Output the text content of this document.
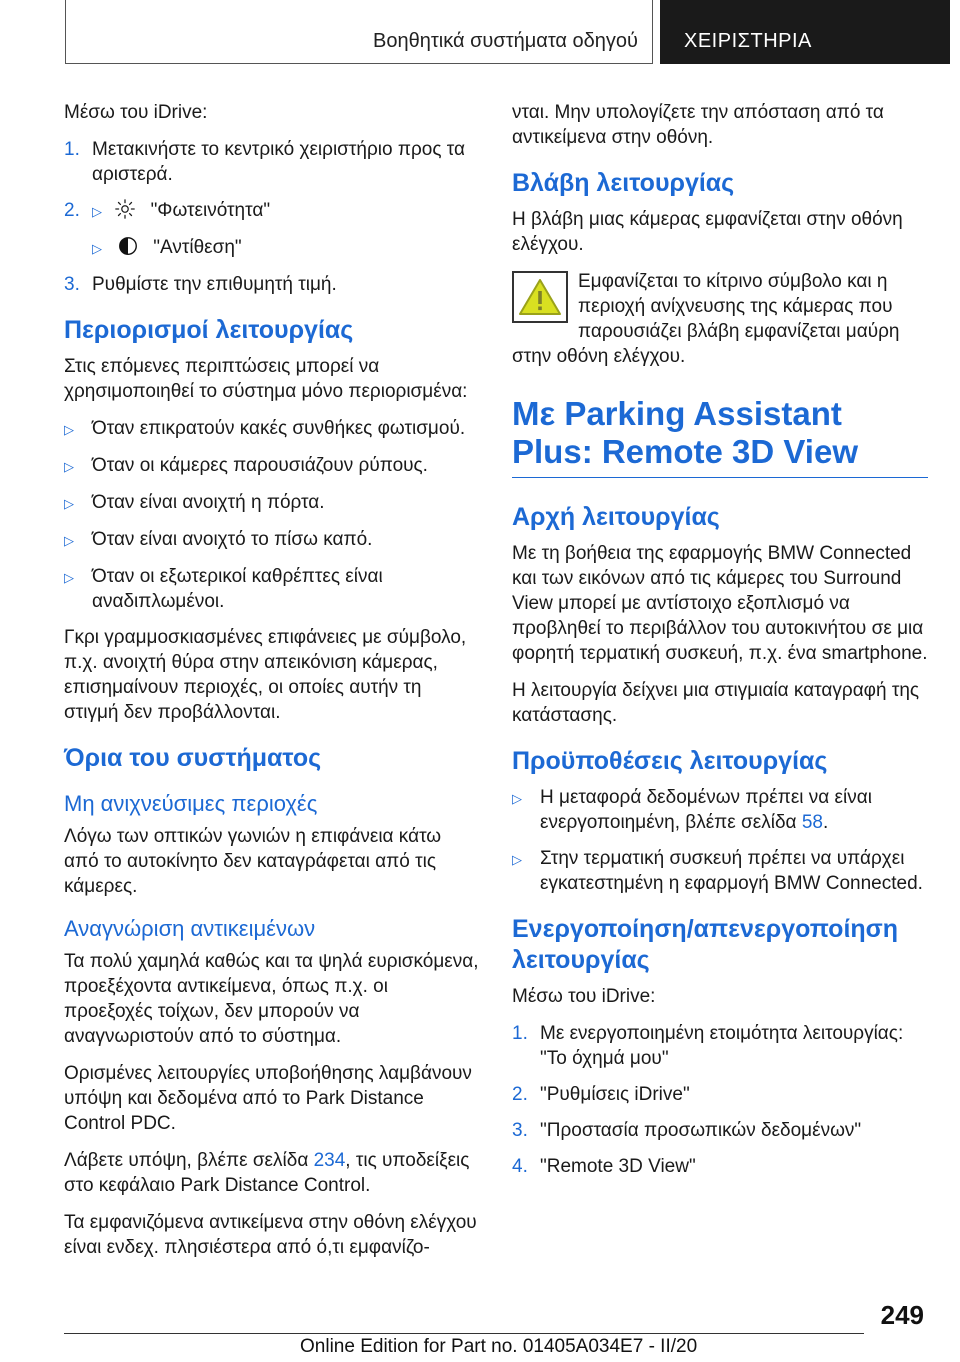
Βοηθητικά συστήματα οδηγού	ΧΕΙΡΙΣΤΗΡΙΑ

Μέσω του iDrive:

1. Μετακινήστε το κεντρικό χειριστήριο προς τα αριστερά.
2. ▷	"Φωτεινότητα"
▷	"Αντίθεση"
3. Ρυθμίστε την επιθυμητή τιμή.
Περιορισμοί λειτουργίας

Στις επόμενες περιπτώσεις μπορεί να χρησιμοποιηθεί το σύστημα μόνο περιορισμένα:

▷ Όταν επικρατούν κακές συνθήκες φωτισμού.
▷ Όταν οι κάμερες παρουσιάζουν ρύπους.
▷ Όταν είναι ανοιχτή η πόρτα.
▷ Όταν είναι ανοιχτό το πίσω καπό.
▷ Όταν οι εξωτερικοί καθρέπτες είναι αναδιπλωμένοι.

Γκρι γραμμοσκιασμένες επιφάνειες με σύμβολο, π.χ. ανοιχτή θύρα στην απεικόνιση κάμερας, επισημαίνουν περιοχές, οι οποίες αυτήν τη στιγμή δεν προβάλλονται.

Όρια του συστήματος
Μη ανιχνεύσιμες περιοχές

Λόγω των οπτικών γωνιών η επιφάνεια κάτω από το αυτοκίνητο δεν καταγράφεται από τις κάμερες.

Αναγνώριση αντικειμένων

Τα πολύ χαμηλά καθώς και τα ψηλά ευρισκόμενα, προεξέχοντα αντικείμενα, όπως π.χ. οι προεξοχές τοίχων, δεν μπορούν να αναγνωριστούν από το σύστημα.

Ορισμένες λειτουργίες υποβοήθησης λαμβάνουν υπόψη και δεδομένα από το Park Distance Control PDC.

Λάβετε υπόψη, βλέπε σελίδα 234, τις υποδείξεις στο κεφάλαιο Park Distance Control.

Τα εμφανιζόμενα αντικείμενα στην οθόνη ελέγχου είναι ενδεχ. πλησιέστερα από ό,τι εμφανίζο-

νται. Μην υπολογίζετε την απόσταση από τα αντικείμενα στην οθόνη.

Βλάβη λειτουργίας

Η βλάβη μιας κάμερας εμφανίζεται στην οθόνη ελέγχου.

Εμφανίζεται το κίτρινο σύμβολο και η περιοχή ανίχνευσης της κάμερας που παρουσιάζει βλάβη εμφανίζεται μαύρη στην οθόνη ελέγχου.
Με Parking Assistant Plus: Remote 3D View
Αρχή λειτουργίας

Με τη βοήθεια της εφαρμογής BMW Connected και των εικόνων από τις κάμερες του Surround View μπορεί με αντίστοιχο εξοπλισμό να προβληθεί το περιβάλλον του αυτοκινήτου σε μια φορητή τερματική συσκευή, π.χ. ένα smartphone.

Η λειτουργία δείχνει μια στιγμιαία καταγραφή της κατάστασης.

Προϋποθέσεις λειτουργίας
▷ Η μεταφορά δεδομένων πρέπει να είναι ενεργοποιημένη, βλέπε σελίδα 58.
▷ Στην τερματική συσκευή πρέπει να υπάρχει εγκατεστημένη η εφαρμογή BMW Connected.
Ενεργοποίηση/απενεργοποίηση λειτουργίας

Μέσω του iDrive:

1. Με ενεργοποιημένη ετοιμότητα λειτουργίας: "Το όχημά μου"
2. "Ρυθμίσεις iDrive"
3. "Προστασία προσωπικών δεδομένων"
4. "Remote 3D View"
249
Online Edition for Part no. 01405A034E7 - II/20
